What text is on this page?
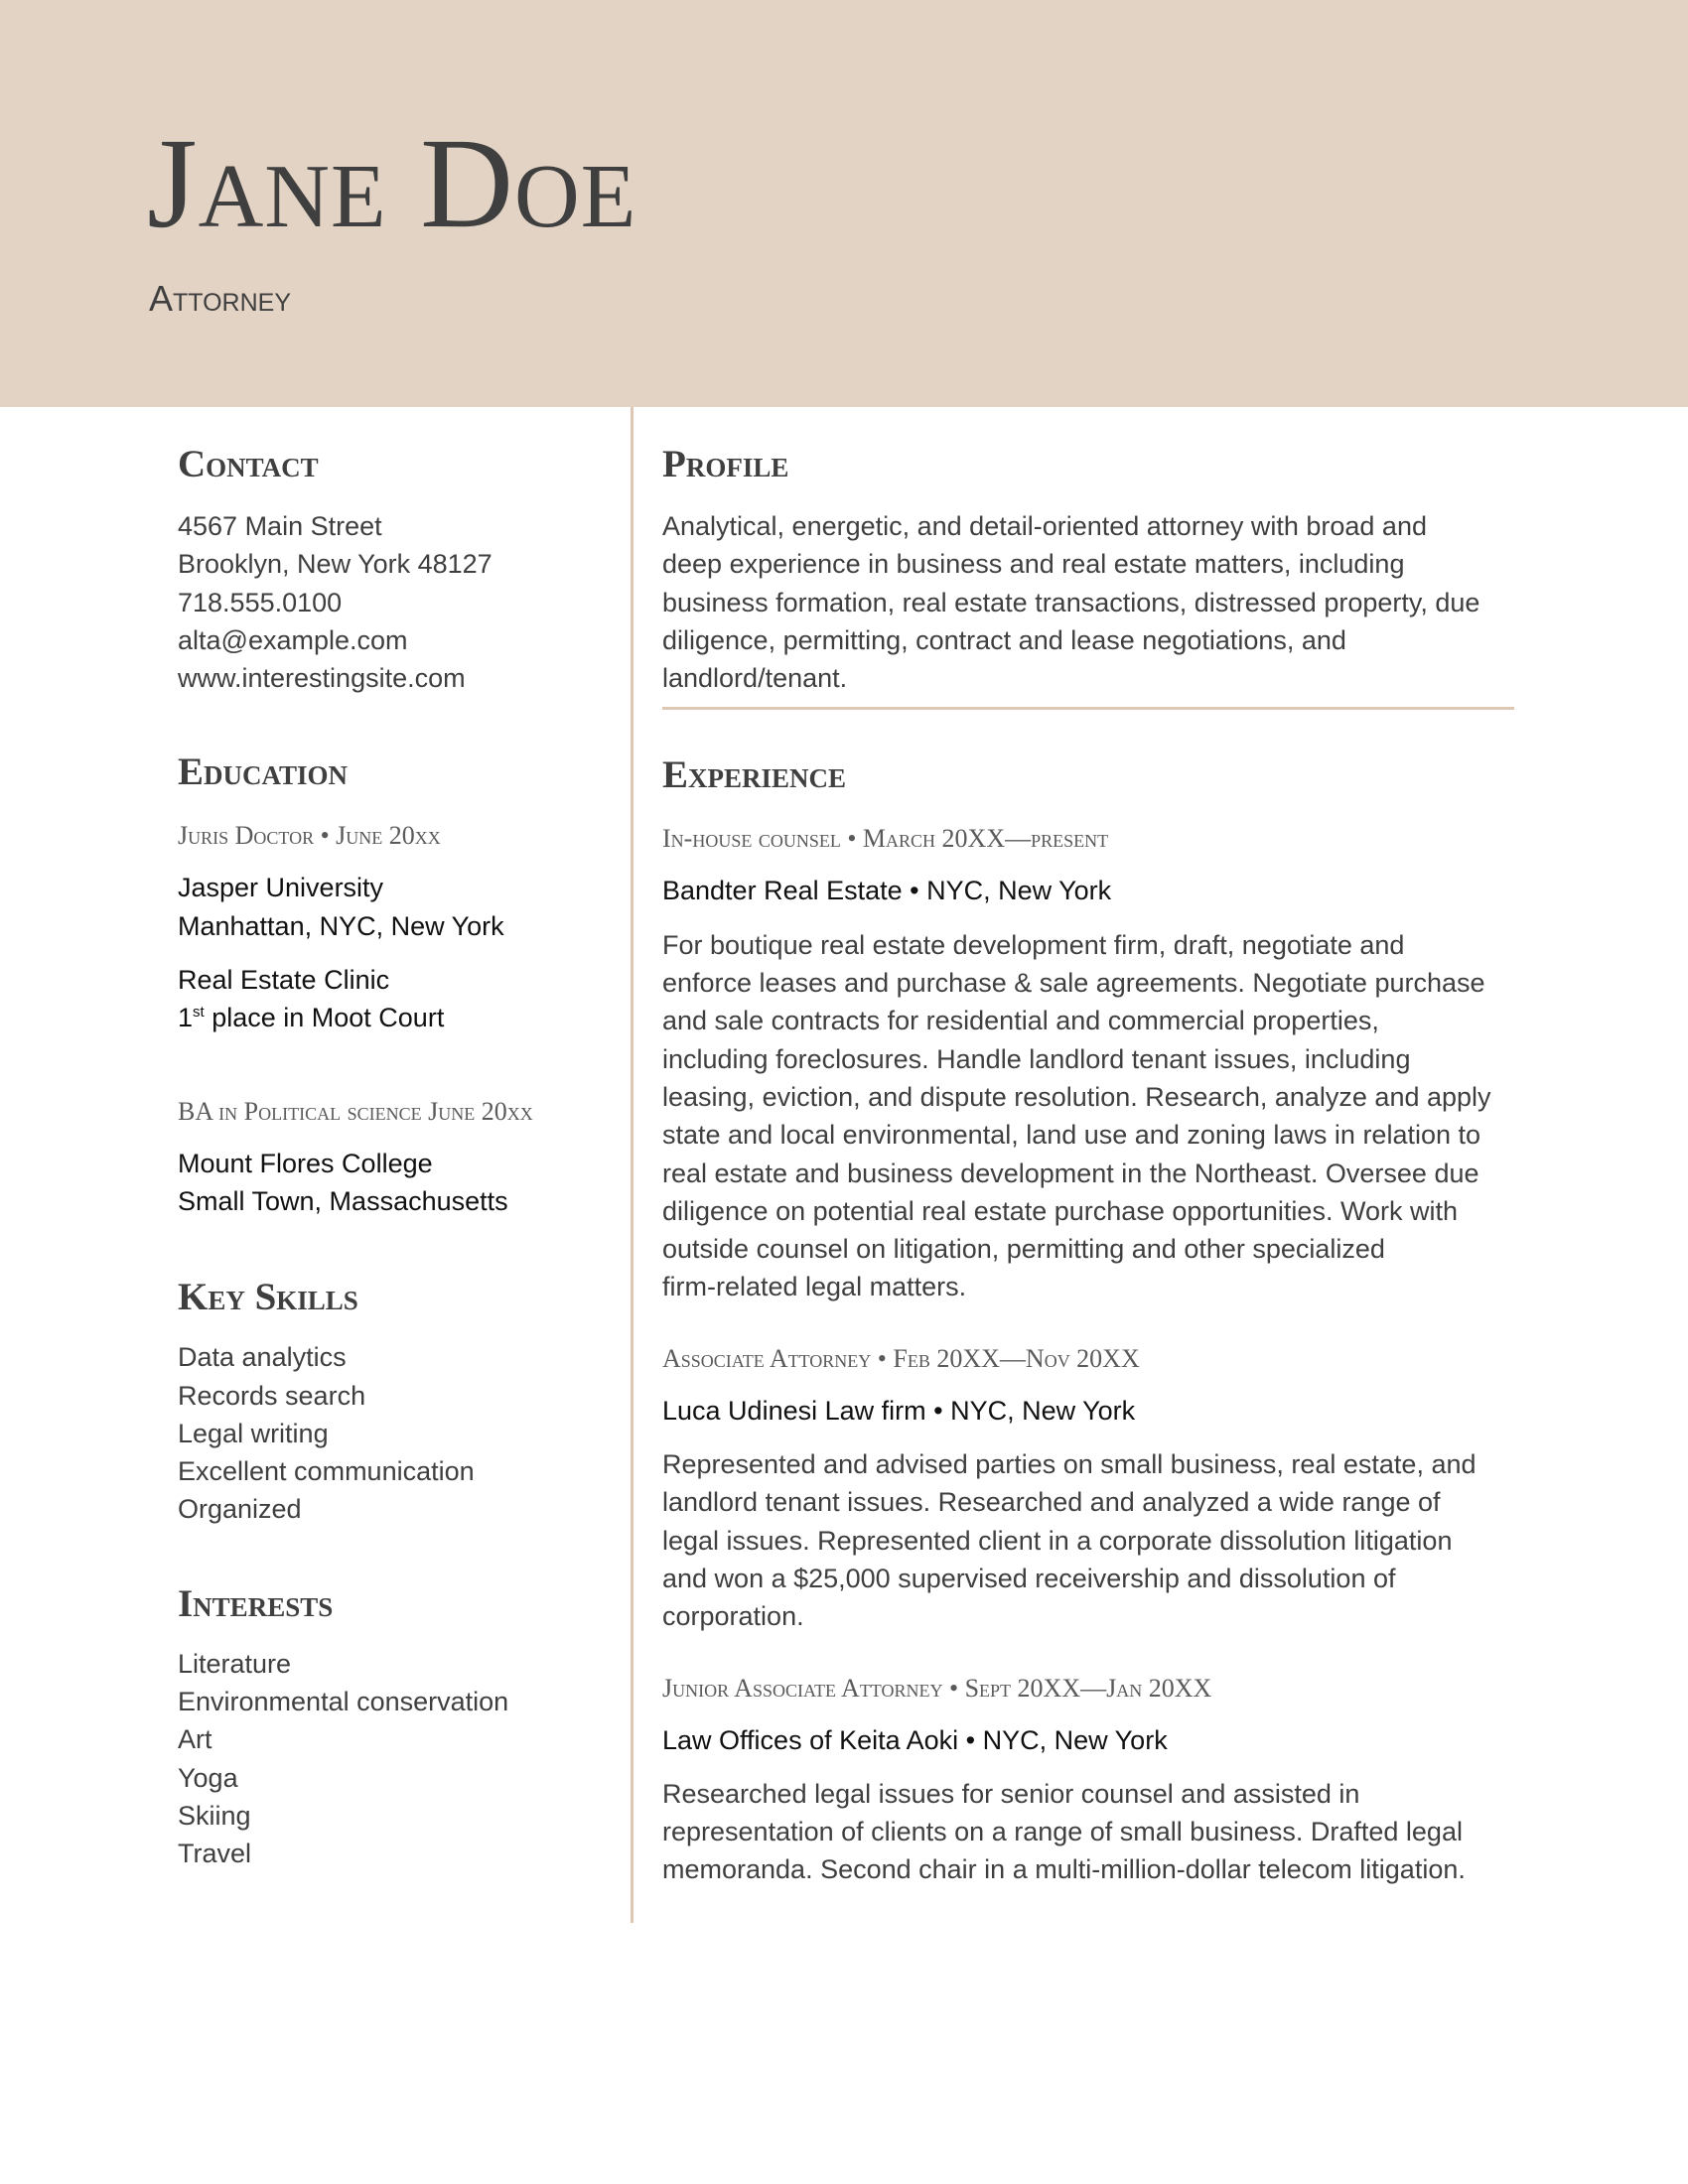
Jane Doe
Attorney
Contact
4567 Main Street
Brooklyn, New York 48127
718.555.0100
alta@example.com
www.interestingsite.com
Education
Juris Doctor • June 20xx
Jasper University
Manhattan, NYC, New York
Real Estate Clinic
1st place in Moot Court
BA in Political science June 20xx
Mount Flores College
Small Town, Massachusetts
Key Skills
Data analytics
Records search
Legal writing
Excellent communication
Organized
Interests
Literature
Environmental conservation
Art
Yoga
Skiing
Travel
Profile
Analytical, energetic, and detail-oriented attorney with broad and
deep experience in business and real estate matters, including
business formation, real estate transactions, distressed property, due
diligence, permitting, contract and lease negotiations, and
landlord/tenant.
Experience
In-house counsel • March 20XX—present
Bandter Real Estate • NYC, New York
For boutique real estate development firm, draft, negotiate and
enforce leases and purchase & sale agreements. Negotiate purchase
and sale contracts for residential and commercial properties,
including foreclosures. Handle landlord tenant issues, including
leasing, eviction, and dispute resolution. Research, analyze and apply
state and local environmental, land use and zoning laws in relation to
real estate and business development in the Northeast. Oversee due
diligence on potential real estate purchase opportunities. Work with
outside counsel on litigation, permitting and other specialized
firm-related legal matters.
Associate Attorney • Feb 20XX—Nov 20XX
Luca Udinesi Law firm • NYC, New York
Represented and advised parties on small business, real estate, and
landlord tenant issues. Researched and analyzed a wide range of
legal issues. Represented client in a corporate dissolution litigation
and won a $25,000 supervised receivership and dissolution of
corporation.
Junior Associate Attorney • Sept 20XX—Jan 20XX
Law Offices of Keita Aoki • NYC, New York
Researched legal issues for senior counsel and assisted in
representation of clients on a range of small business. Drafted legal
memoranda. Second chair in a multi-million-dollar telecom litigation.
